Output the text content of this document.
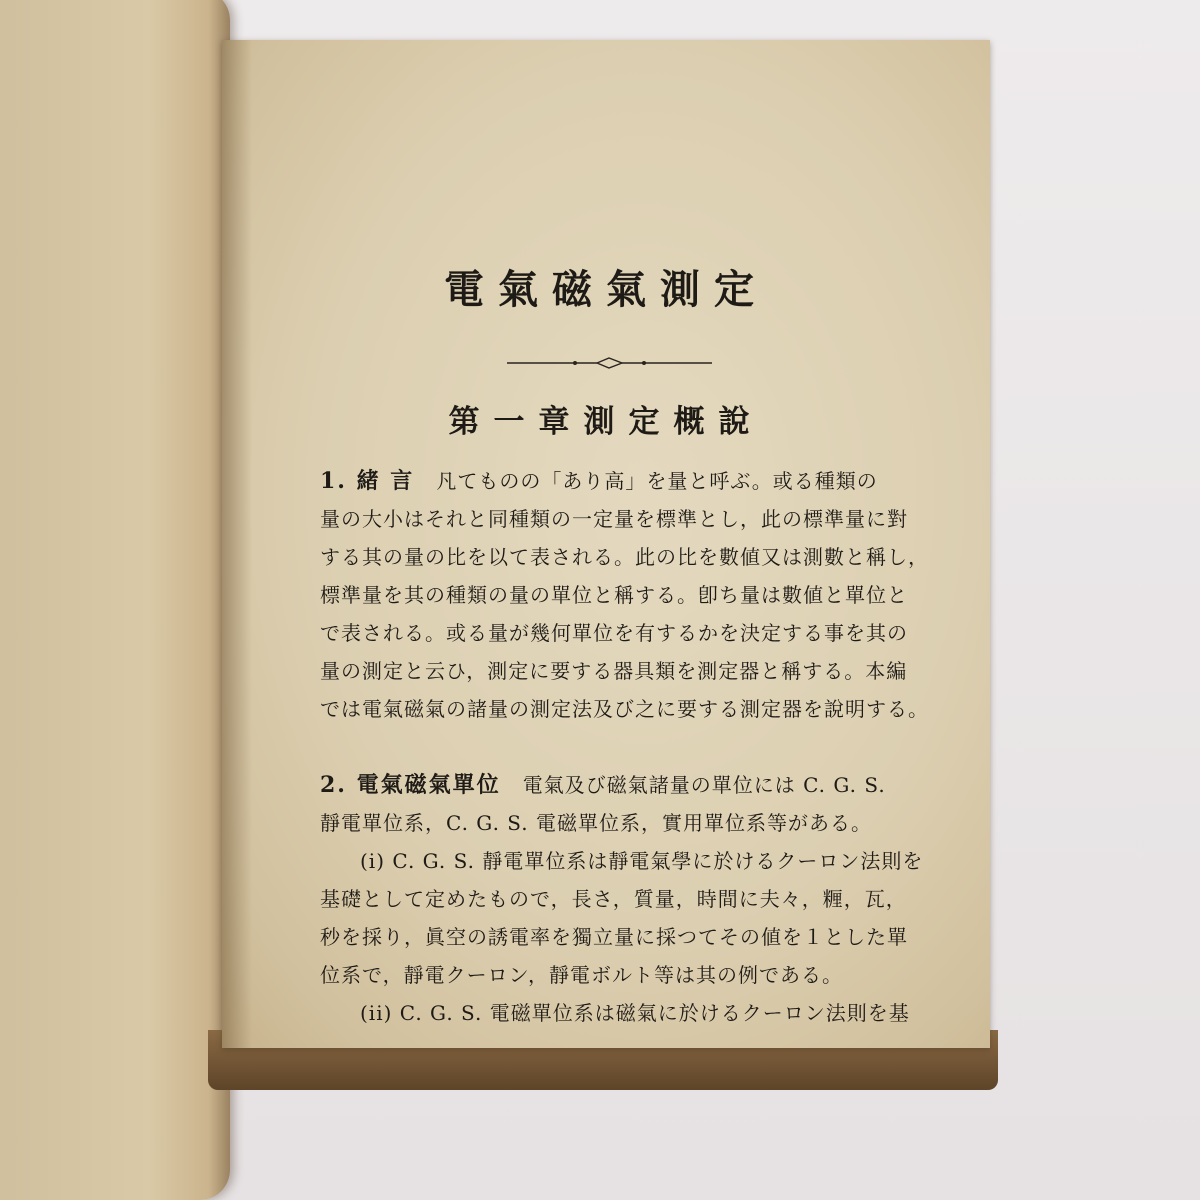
電氣磁氣測定
第一章測定概說

1. 緒 言 凡てものの「あり高」を量と呼ぶ。或る種類の

量の大小はそれと同種類の一定量を標準とし，此の標準量に對

する其の量の比を以て表される。此の比を數値又は測數と稱し，

標準量を其の種類の量の單位と稱する。卽ち量は數値と單位と

で表される。或る量が幾何單位を有するかを決定する事を其の

量の測定と云ひ，測定に要する器具類を測定器と稱する。本編

では電氣磁氣の諸量の測定法及び之に要する測定器を說明する。

2. 電氣磁氣單位 電氣及び磁氣諸量の單位には C. G. S.

靜電單位系，C. G. S. 電磁單位系，實用單位系等がある。

(i) C. G. S. 靜電單位系は靜電氣學に於けるクーロン法則を

基礎として定めたもので，長さ，質量，時間に夫々，糎，瓦，

秒を採り，眞空の誘電率を獨立量に採つてその値を１とした單

位系で，靜電クーロン，靜電ボルト等は其の例である。

(ii) C. G. S. 電磁單位系は磁氣に於けるクーロン法則を基
